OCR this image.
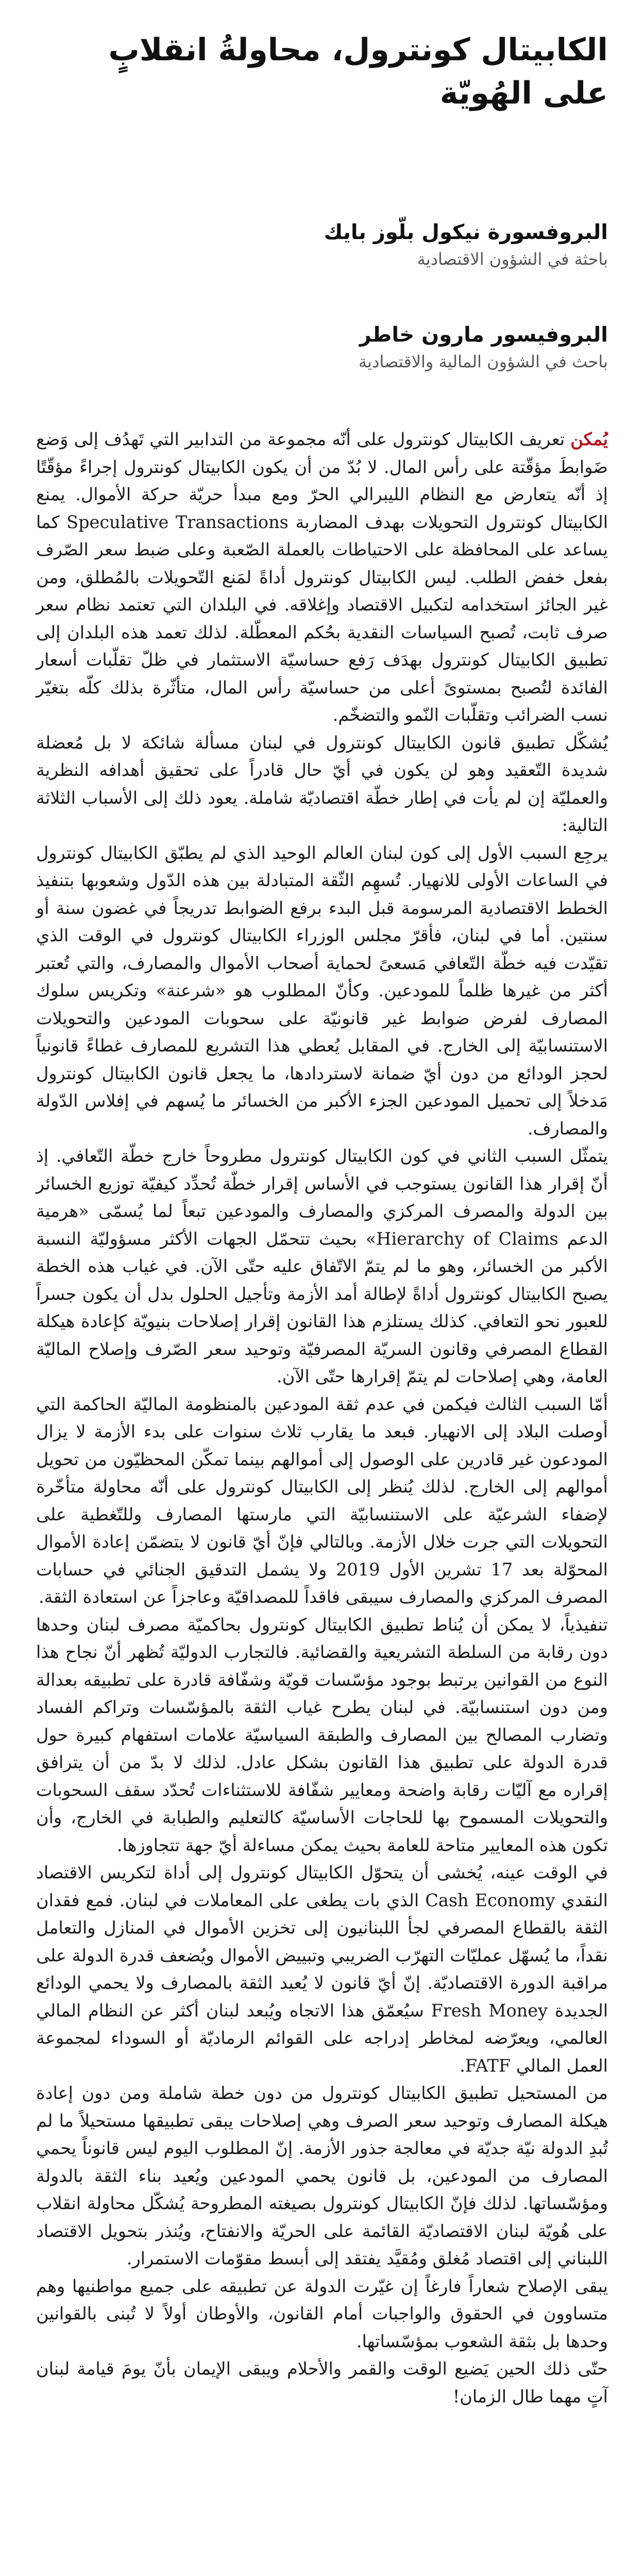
الكابيتال كونترول، محاولةُ انقلابٍ على الهُويّة

البروفسورة نيكول بلّوز بايك

باحثة في الشؤون الاقتصادية

البروفيسور مارون خاطر

باحث في الشؤون المالية والاقتصادية

يُمكن تعريف الكابيتال كونترول على أنّه مجموعة من التدابير التي تَهدُف إلى وَضع ضَوابطَ مؤقّتة على رأس المال. لا بُدّ من أن يكون الكابيتال كونترول إجراءً مؤقّتًا إذ أنّه يتعارض مع النظام الليبرالي الحرّ ومع مبدأ حريّة حركة الأموال. يمنع الكابيتال كونترول التحويلات بهدف المضاربة Speculative Transactions كما يساعد على المحافظة على الاحتياطات بالعملة الصّعبة وعلى ضبط سعر الصّرف بفعل خفض الطلب. ليس الكابيتال كونترول أداةً لمَنع التّحويلات بالمُطلق، ومن غير الجائز استخدامه لتكبيل الاقتصاد وإغلاقه. في البلدان التي تعتمد نظام سعر صرف ثابت، تُصبح السياسات النقدية بحُكم المعطّلة. لذلك تعمد هذه البلدان إلى تطبيق الكابيتال كونترول بهدَف رَفع حساسيّة الاستثمار في ظلّ تقلّبات أسعار الفائدة لتُصبح بمستوىً أعلى من حساسيّة رأس المال، متأثّرة بذلك كلّه بتغيّر نسب الضرائب وتقلّبات النّمو والتضخّم.

يُشكّل تطبيق قانون الكابيتال كونترول في لبنان مسألة شائكة لا بل مُعضلة شديدة التّعقيد وهو لن يكون في أيّ حال قادراً على تحقيق أهدافه النظرية والعمليّة إن لم يأت في إطار خطّة اقتصاديّة شاملة. يعود ذلك إلى الأسباب الثلاثة التالية:

يرجِع السبب الأول إلى كون لبنان العالم الوحيد الذي لم يطبّق الكابيتال كونترول في الساعات الأولى للانهيار. تُسهِم الثّقة المتبادلة بين هذه الدّول وشعوبها بتنفيذ الخطط الاقتصادية المرسومة قبل البدء برفع الضوابط تدريجاً في غضون سنة أو سنتين. أما في لبنان، فأقرّ مجلس الوزراء الكابيتال كونترول في الوقت الذي تقيّدت فيه خطّة التّعافي مَسعىً لحماية أصحاب الأموال والمصارف، والتي تُعتبر أكثر من غيرها ظلماً للمودعين. وكأنّ المطلوب هو «شرعنة» وتكريس سلوك المصارف لفرض ضوابط غير قانونيّة على سحوبات المودعين والتحويلات الاستنسابيّة إلى الخارج. في المقابل يُعطي هذا التشريع للمصارف غطاءً قانونياً لحجز الودائع من دون أيّ ضمانة لاستردادها، ما يجعل قانون الكابيتال كونترول مَدخلاً إلى تحميل المودعين الجزء الأكبر من الخسائر ما يُسهم في إفلاس الدّولة والمصارف.

يتمثّل السبب الثاني في كون الكابيتال كونترول مطروحاً خارج خطّة التّعافي. إذ أنّ إقرار هذا القانون يستوجب في الأساس إقرار خطّة تُحدِّد كيفيّة توزيع الخسائر بين الدولة والمصرف المركزي والمصارف والمودعين تبعاً لما يُسمّى «هرمية الدعم Hierarchy of Claims» بحيث تتحمّل الجهات الأكثر مسؤوليّة النسبة الأكبر من الخسائر، وهو ما لم يتمّ الاتّفاق عليه حتّى الآن. في غياب هذه الخطة يصبح الكابيتال كونترول أداةً لإطالة أمد الأزمة وتأجيل الحلول بدل أن يكون جسراً للعبور نحو التعافي. كذلك يستلزم هذا القانون إقرار إصلاحات بنيويّة كإعادة هيكلة القطاع المصرفي وقانون السريّة المصرفيّة وتوحيد سعر الصّرف وإصلاح الماليّة العامة، وهي إصلاحات لم يتمّ إقرارها حتّى الآن.

أمّا السبب الثالث فيكمن في عدم ثقة المودعين بالمنظومة الماليّة الحاكمة التي أوصلت البلاد إلى الانهيار. فبعد ما يقارب ثلاث سنوات على بدء الأزمة لا يزال المودعون غير قادرين على الوصول إلى أموالهم بينما تمكّن المحظيّون من تحويل أموالهم إلى الخارج. لذلك يُنظر إلى الكابيتال كونترول على أنّه محاولة متأخّرة لإضفاء الشرعيّة على الاستنسابيّة التي مارستها المصارف وللتّغطية على التحويلات التي جرت خلال الأزمة. وبالتالي فإنّ أيّ قانون لا يتضمّن إعادة الأموال المحوّلة بعد 17 تشرين الأول 2019 ولا يشمل التدقيق الجنائي في حسابات المصرف المركزي والمصارف سيبقى فاقداً للمصداقيّة وعاجزاً عن استعادة الثقة.

تنفيذياً، لا يمكن أن يُناط تطبيق الكابيتال كونترول بحاكميّة مصرف لبنان وحدها دون رقابة من السلطة التشريعية والقضائية. فالتجارب الدوليّة تُظهر أنّ نجاح هذا النوع من القوانين يرتبط بوجود مؤسّسات قويّة وشفّافة قادرة على تطبيقه بعدالة ومن دون استنسابيّة. في لبنان يطرح غياب الثقة بالمؤسّسات وتراكم الفساد وتضارب المصالح بين المصارف والطبقة السياسيّة علامات استفهام كبيرة حول قدرة الدولة على تطبيق هذا القانون بشكل عادل. لذلك لا بدّ من أن يترافق إقراره مع آليّات رقابة واضحة ومعايير شفّافة للاستثناءات تُحدّد سقف السحوبات والتحويلات المسموح بها للحاجات الأساسيّة كالتعليم والطبابة في الخارج، وأن تكون هذه المعايير متاحة للعامة بحيث يمكن مساءلة أيّ جهة تتجاوزها.

في الوقت عينه، يُخشى أن يتحوّل الكابيتال كونترول إلى أداة لتكريس الاقتصاد النقدي Cash Economy الذي بات يطغى على المعاملات في لبنان. فمع فقدان الثقة بالقطاع المصرفي لجأ اللبنانيون إلى تخزين الأموال في المنازل والتعامل نقداً، ما يُسهّل عمليّات التهرّب الضريبي وتبييض الأموال ويُضعف قدرة الدولة على مراقبة الدورة الاقتصاديّة. إنّ أيّ قانون لا يُعيد الثقة بالمصارف ولا يحمي الودائع الجديدة Fresh Money سيُعمّق هذا الاتجاه ويُبعد لبنان أكثر عن النظام المالي العالمي، ويعرّضه لمخاطر إدراجه على القوائم الرماديّة أو السوداء لمجموعة العمل المالي FATF.

من المستحيل تطبيق الكابيتال كونترول من دون خطة شاملة ومن دون إعادة هيكلة المصارف وتوحيد سعر الصرف وهي إصلاحات يبقى تطبيقها مستحيلاً ما لم تُبدِ الدولة نيّة جديّة في معالجة جذور الأزمة. إنّ المطلوب اليوم ليس قانوناً يحمي المصارف من المودعين، بل قانون يحمي المودعين ويُعيد بناء الثقة بالدولة ومؤسّساتها. لذلك فإنّ الكابيتال كونترول بصيغته المطروحة يُشكّل محاولة انقلاب على هُويّة لبنان الاقتصاديّة القائمة على الحريّة والانفتاح، ويُنذر بتحويل الاقتصاد اللبناني إلى اقتصاد مُغلق ومُقيَّد يفتقد إلى أبسط مقوّمات الاستمرار.

يبقى الإصلاح شعاراً فارغاً إن غيّرت الدولة عن تطبيقه على جميع مواطنيها وهم متساوون في الحقوق والواجبات أمام القانون، والأوطان أولاً لا تُبنى بالقوانين وحدها بل بثقة الشعوب بمؤسّساتها.

حتّى ذلك الحين يَضيع الوقت والقمر والأحلام ويبقى الإيمان بأنّ يومَ قيامة لبنان آتٍ مهما طال الزمان!
